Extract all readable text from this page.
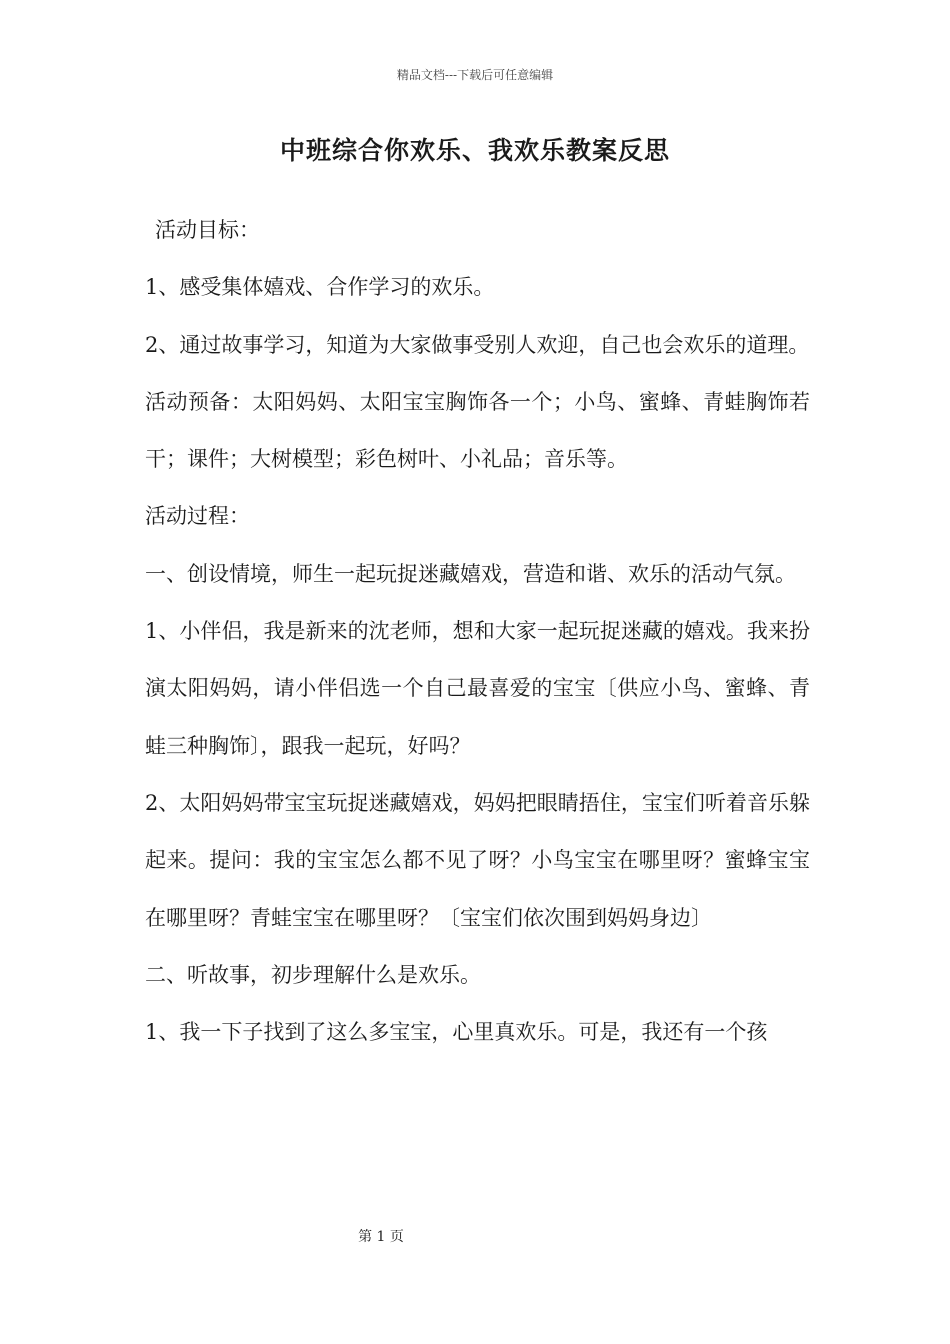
精品文档---下载后可任意编辑
中班综合你欢乐、我欢乐教案反思

活动目标：

1、感受集体嬉戏、合作学习的欢乐。

2、通过故事学习，知道为大家做事受别人欢迎，自己也会欢乐的道理。

活动预备：太阳妈妈、太阳宝宝胸饰各一个；小鸟、蜜蜂、青蛙胸饰若干；课件；大树模型；彩色树叶、小礼品；音乐等。

活动过程：

一、创设情境，师生一起玩捉迷藏嬉戏，营造和谐、欢乐的活动气氛。

1、小伴侣，我是新来的沈老师，想和大家一起玩捉迷藏的嬉戏。我来扮演太阳妈妈，请小伴侣选一个自己最喜爱的宝宝〔供应小鸟、蜜蜂、青蛙三种胸饰〕，跟我一起玩，好吗？

2、太阳妈妈带宝宝玩捉迷藏嬉戏，妈妈把眼睛捂住，宝宝们听着音乐躲起来。提问：我的宝宝怎么都不见了呀？小鸟宝宝在哪里呀？蜜蜂宝宝在哪里呀？青蛙宝宝在哪里呀？〔宝宝们依次围到妈妈身边〕

二、听故事，初步理解什么是欢乐。

1、我一下子找到了这么多宝宝，心里真欢乐。可是，我还有一个孩

第 1 页
